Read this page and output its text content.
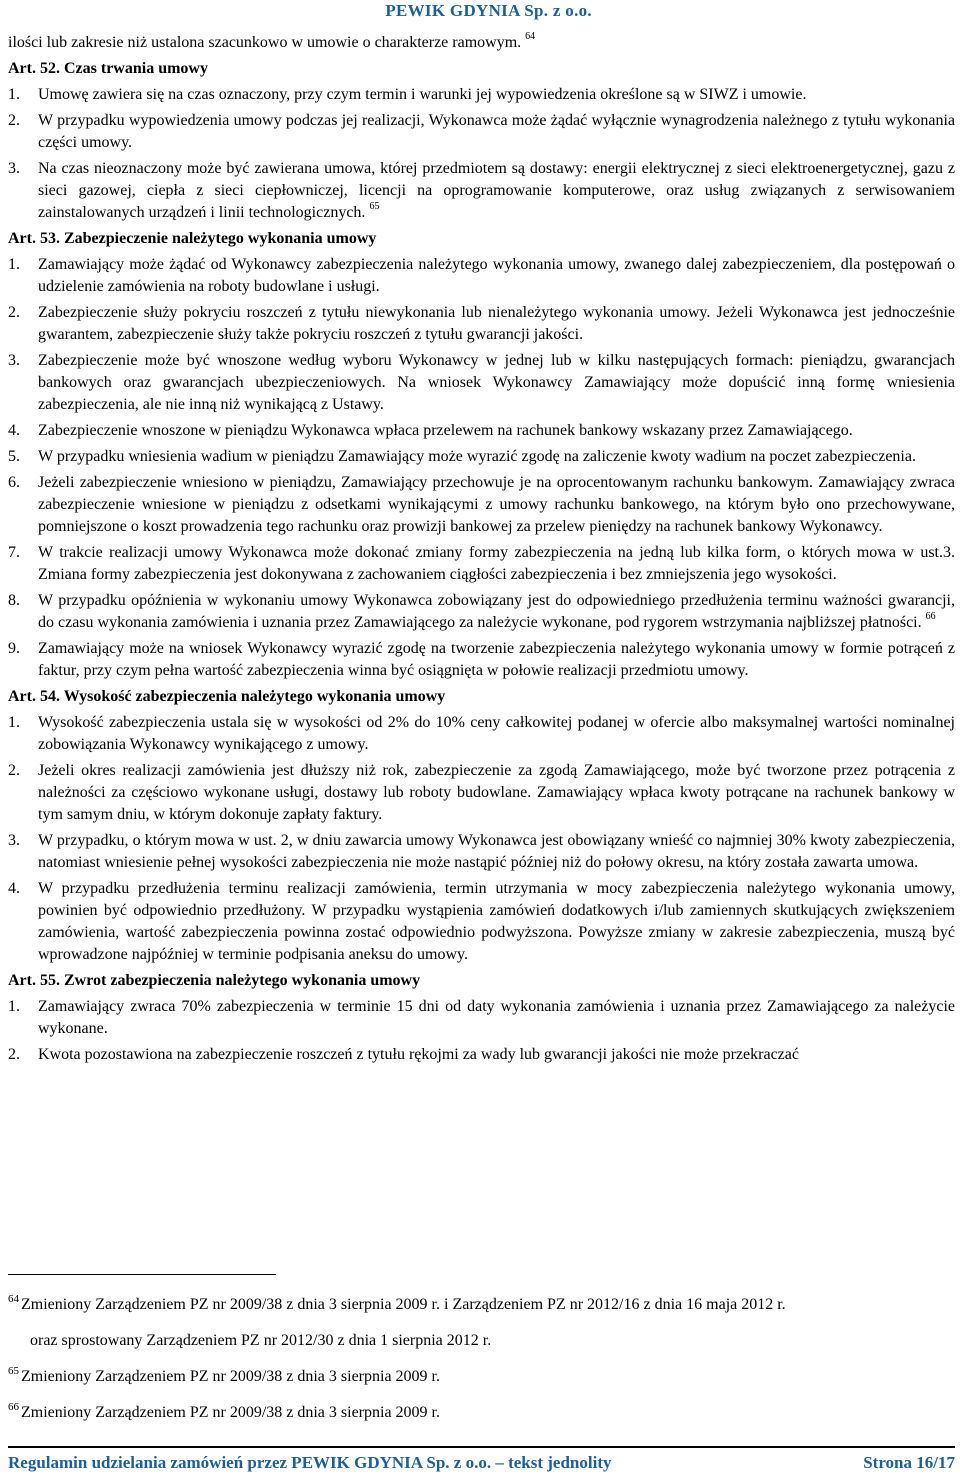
PEWIK GDYNIA Sp. z o.o.

ilości lub zakresie niż ustalona szacunkowo w umowie o charakterze ramowym. $^{64}$

Art. 52. Czas trwania umowy

1. Umowę zawiera się na czas oznaczony, przy czym termin i warunki jej wypowiedzenia określone są w SIWZ i umowie.

2. W przypadku wypowiedzenia umowy podczas jej realizacji, Wykonawca może żądać wyłącznie wynagrodzenia należnego z tytułu wykonania części umowy.

3. Na czas nieoznaczony może być zawierana umowa, której przedmiotem są dostawy: energii elektrycznej z sieci elektroenergetycznej, gazu z sieci gazowej, ciepła z sieci ciepłowniczej, licencji na oprogramowanie komputerowe, oraz usług związanych z serwisowaniem zainstalowanych urządzeń i linii technologicznych. $^{65}$

Art. 53. Zabezpieczenie należytego wykonania umowy

1. Zamawiający może żądać od Wykonawcy zabezpieczenia należytego wykonania umowy, zwanego dalej zabezpieczeniem, dla postępowań o udzielenie zamówienia na roboty budowlane i usługi.

2. Zabezpieczenie służy pokryciu roszczeń z tytułu niewykonania lub nienależytego wykonania umowy. Jeżeli Wykonawca jest jednocześnie gwarantem, zabezpieczenie służy także pokryciu roszczeń z tytułu gwarancji jakości.

3. Zabezpieczenie może być wnoszone według wyboru Wykonawcy w jednej lub w kilku następujących formach: pieniądzu, gwarancjach bankowych oraz gwarancjach ubezpieczeniowych. Na wniosek Wykonawcy Zamawiający może dopuścić inną formę wniesienia zabezpieczenia, ale nie inną niż wynikającą z Ustawy.

4. Zabezpieczenie wnoszone w pieniądzu Wykonawca wpłaca przelewem na rachunek bankowy wskazany przez Zamawiającego.

5. W przypadku wniesienia wadium w pieniądzu Zamawiający może wyrazić zgodę na zaliczenie kwoty wadium na poczet zabezpieczenia.

6. Jeżeli zabezpieczenie wniesiono w pieniądzu, Zamawiający przechowuje je na oprocentowanym rachunku bankowym. Zamawiający zwraca zabezpieczenie wniesione w pieniądzu z odsetkami wynikającymi z umowy rachunku bankowego, na którym było ono przechowywane, pomniejszone o koszt prowadzenia tego rachunku oraz prowizji bankowej za przelew pieniędzy na rachunek bankowy Wykonawcy.

7. W trakcie realizacji umowy Wykonawca może dokonać zmiany formy zabezpieczenia na jedną lub kilka form, o których mowa w ust.3. Zmiana formy zabezpieczenia jest dokonywana z zachowaniem ciągłości zabezpieczenia i bez zmniejszenia jego wysokości.

8. W przypadku opóźnienia w wykonaniu umowy Wykonawca zobowiązany jest do odpowiedniego przedłużenia terminu ważności gwarancji, do czasu wykonania zamówienia i uznania przez Zamawiającego za należycie wykonane, pod rygorem wstrzymania najbliższej płatności. $^{66}$

9. Zamawiający może na wniosek Wykonawcy wyrazić zgodę na tworzenie zabezpieczenia należytego wykonania umowy w formie potrąceń z faktur, przy czym pełna wartość zabezpieczenia winna być osiągnięta w połowie realizacji przedmiotu umowy.

Art. 54. Wysokość zabezpieczenia należytego wykonania umowy

1. Wysokość zabezpieczenia ustala się w wysokości od 2% do 10% ceny całkowitej podanej w ofercie albo maksymalnej wartości nominalnej zobowiązania Wykonawcy wynikającego z umowy.

2. Jeżeli okres realizacji zamówienia jest dłuższy niż rok, zabezpieczenie za zgodą Zamawiającego, może być tworzone przez potrącenia z należności za częściowo wykonane usługi, dostawy lub roboty budowlane. Zamawiający wpłaca kwoty potrącane na rachunek bankowy w tym samym dniu, w którym dokonuje zapłaty faktury.

3. W przypadku, o którym mowa w ust. 2, w dniu zawarcia umowy Wykonawca jest obowiązany wnieść co najmniej 30% kwoty zabezpieczenia, natomiast wniesienie pełnej wysokości zabezpieczenia nie może nastąpić później niż do połowy okresu, na który została zawarta umowa.

4. W przypadku przedłużenia terminu realizacji zamówienia, termin utrzymania w mocy zabezpieczenia należytego wykonania umowy, powinien być odpowiednio przedłużony. W przypadku wystąpienia zamówień dodatkowych i/lub zamiennych skutkujących zwiększeniem zamówienia, wartość zabezpieczenia powinna zostać odpowiednio podwyższona. Powyższe zmiany w zakresie zabezpieczenia, muszą być wprowadzone najpóźniej w terminie podpisania aneksu do umowy.

Art. 55. Zwrot zabezpieczenia należytego wykonania umowy

1. Zamawiający zwraca 70% zabezpieczenia w terminie 15 dni od daty wykonania zamówienia i uznania przez Zamawiającego za należycie wykonane.

2. Kwota pozostawiona na zabezpieczenie roszczeń z tytułu rękojmi za wady lub gwarancji jakości nie może przekraczać

$^{64}$ Zmieniony Zarządzeniem PZ nr 2009/38 z dnia 3 sierpnia 2009 r. i Zarządzeniem PZ nr 2012/16 z dnia 16 maja 2012 r.

oraz sprostowany Zarządzeniem PZ nr 2012/30 z dnia 1 sierpnia 2012 r.

$^{65}$ Zmieniony Zarządzeniem PZ nr 2009/38 z dnia 3 sierpnia 2009 r.

$^{66}$ Zmieniony Zarządzeniem PZ nr 2009/38 z dnia 3 sierpnia 2009 r.

Regulamin udzielania zamówień przez PEWIK GDYNIA Sp. z o.o. – tekst jednolity	Strona 16/17
